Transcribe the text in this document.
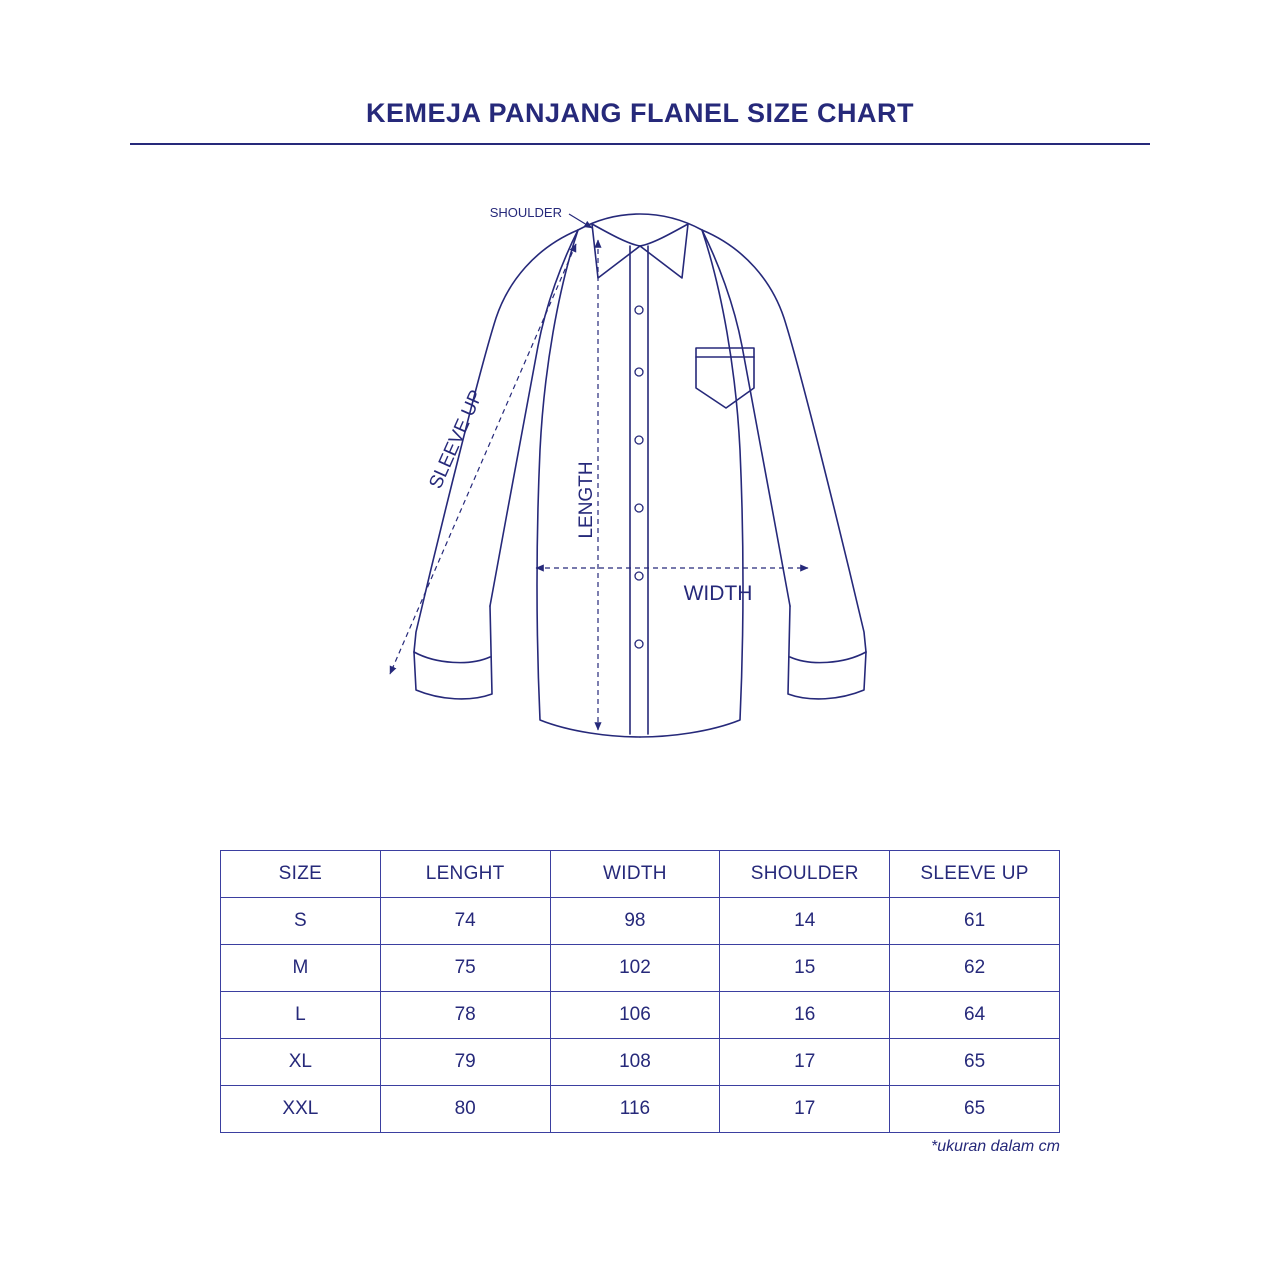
KEMEJA PANJANG FLANEL SIZE CHART
SHOULDER
SLEEVE UP
LENGTH
WIDTH
SIZE	LENGHT	WIDTH	SHOULDER	SLEEVE UP
S	74	98	14	61
M	75	102	15	62
L	78	106	16	64
XL	79	108	17	65
XXL	80	116	17	65
*ukuran dalam cm
